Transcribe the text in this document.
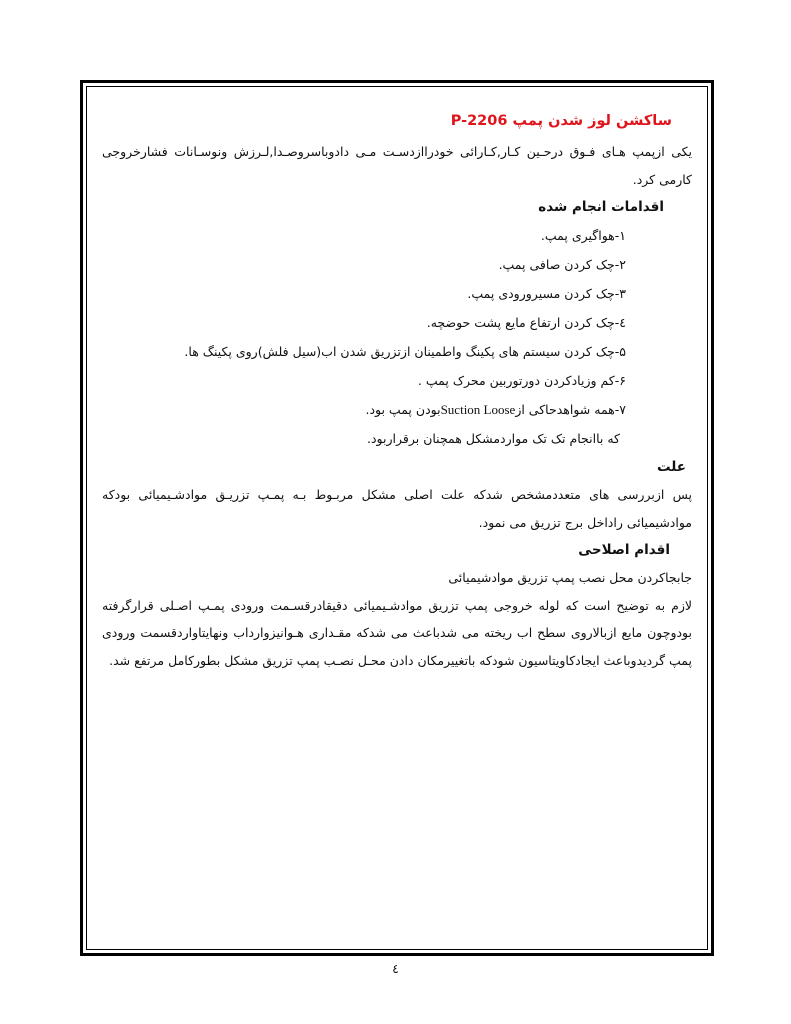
ساکشن لوز شدن پمپ P-2206

یکی ازپمپ هـای فـوق درحـین کـار,کـارائی خودراازدسـت مـی دادوباسروصـدا,لـرزش ونوسـانات فشارخروجی کارمی کرد.

اقدامات انجام شده
۱-هواگیری پمپ.
۲-چک کردن صافی پمپ.
۳-چک کردن مسیرورودی پمپ.
٤-چک کردن ارتفاع مایع پشت حوضچه.
۵-چک کردن سیستم های پکینگ واطمینان ازتزریق شدن اب(سیل فلش)روی پکینگ ها.
۶-کم وزیادکردن دورتوربین محرک پمپ .
۷-همه شواهدحاکی ازSuction Looseبودن پمپ بود.
که باانجام تک تک مواردمشکل همچنان برقراربود.
علت

پس ازبررسی های متعددمشخص شدکه علت اصلی مشکل مربـوط بـه پمـپ تزریـق موادشـیمیائی بودکه موادشیمیائی راداخل برج تزریق می نمود.

اقدام اصلاحی

جابجاکردن محل نصب پمپ تزریق موادشیمیائی

لازم به توضیح است که لوله خروجی پمپ تزریق موادشـیمیائی دقیقادرقسـمت ورودی پمـپ اصـلی قرارگرفته بودوچون مایع ازبالاروی سطح اب ریخته می شدباعث می شدکه مقـداری هـوانیزوارداب ونهایتاواردقسمت ورودی پمپ گردیدوباعث ایجادکاویتاسیون شودکه باتغییرمکان دادن محـل نصـب پمپ تزریق مشکل بطورکامل مرتفع شد.

٤
